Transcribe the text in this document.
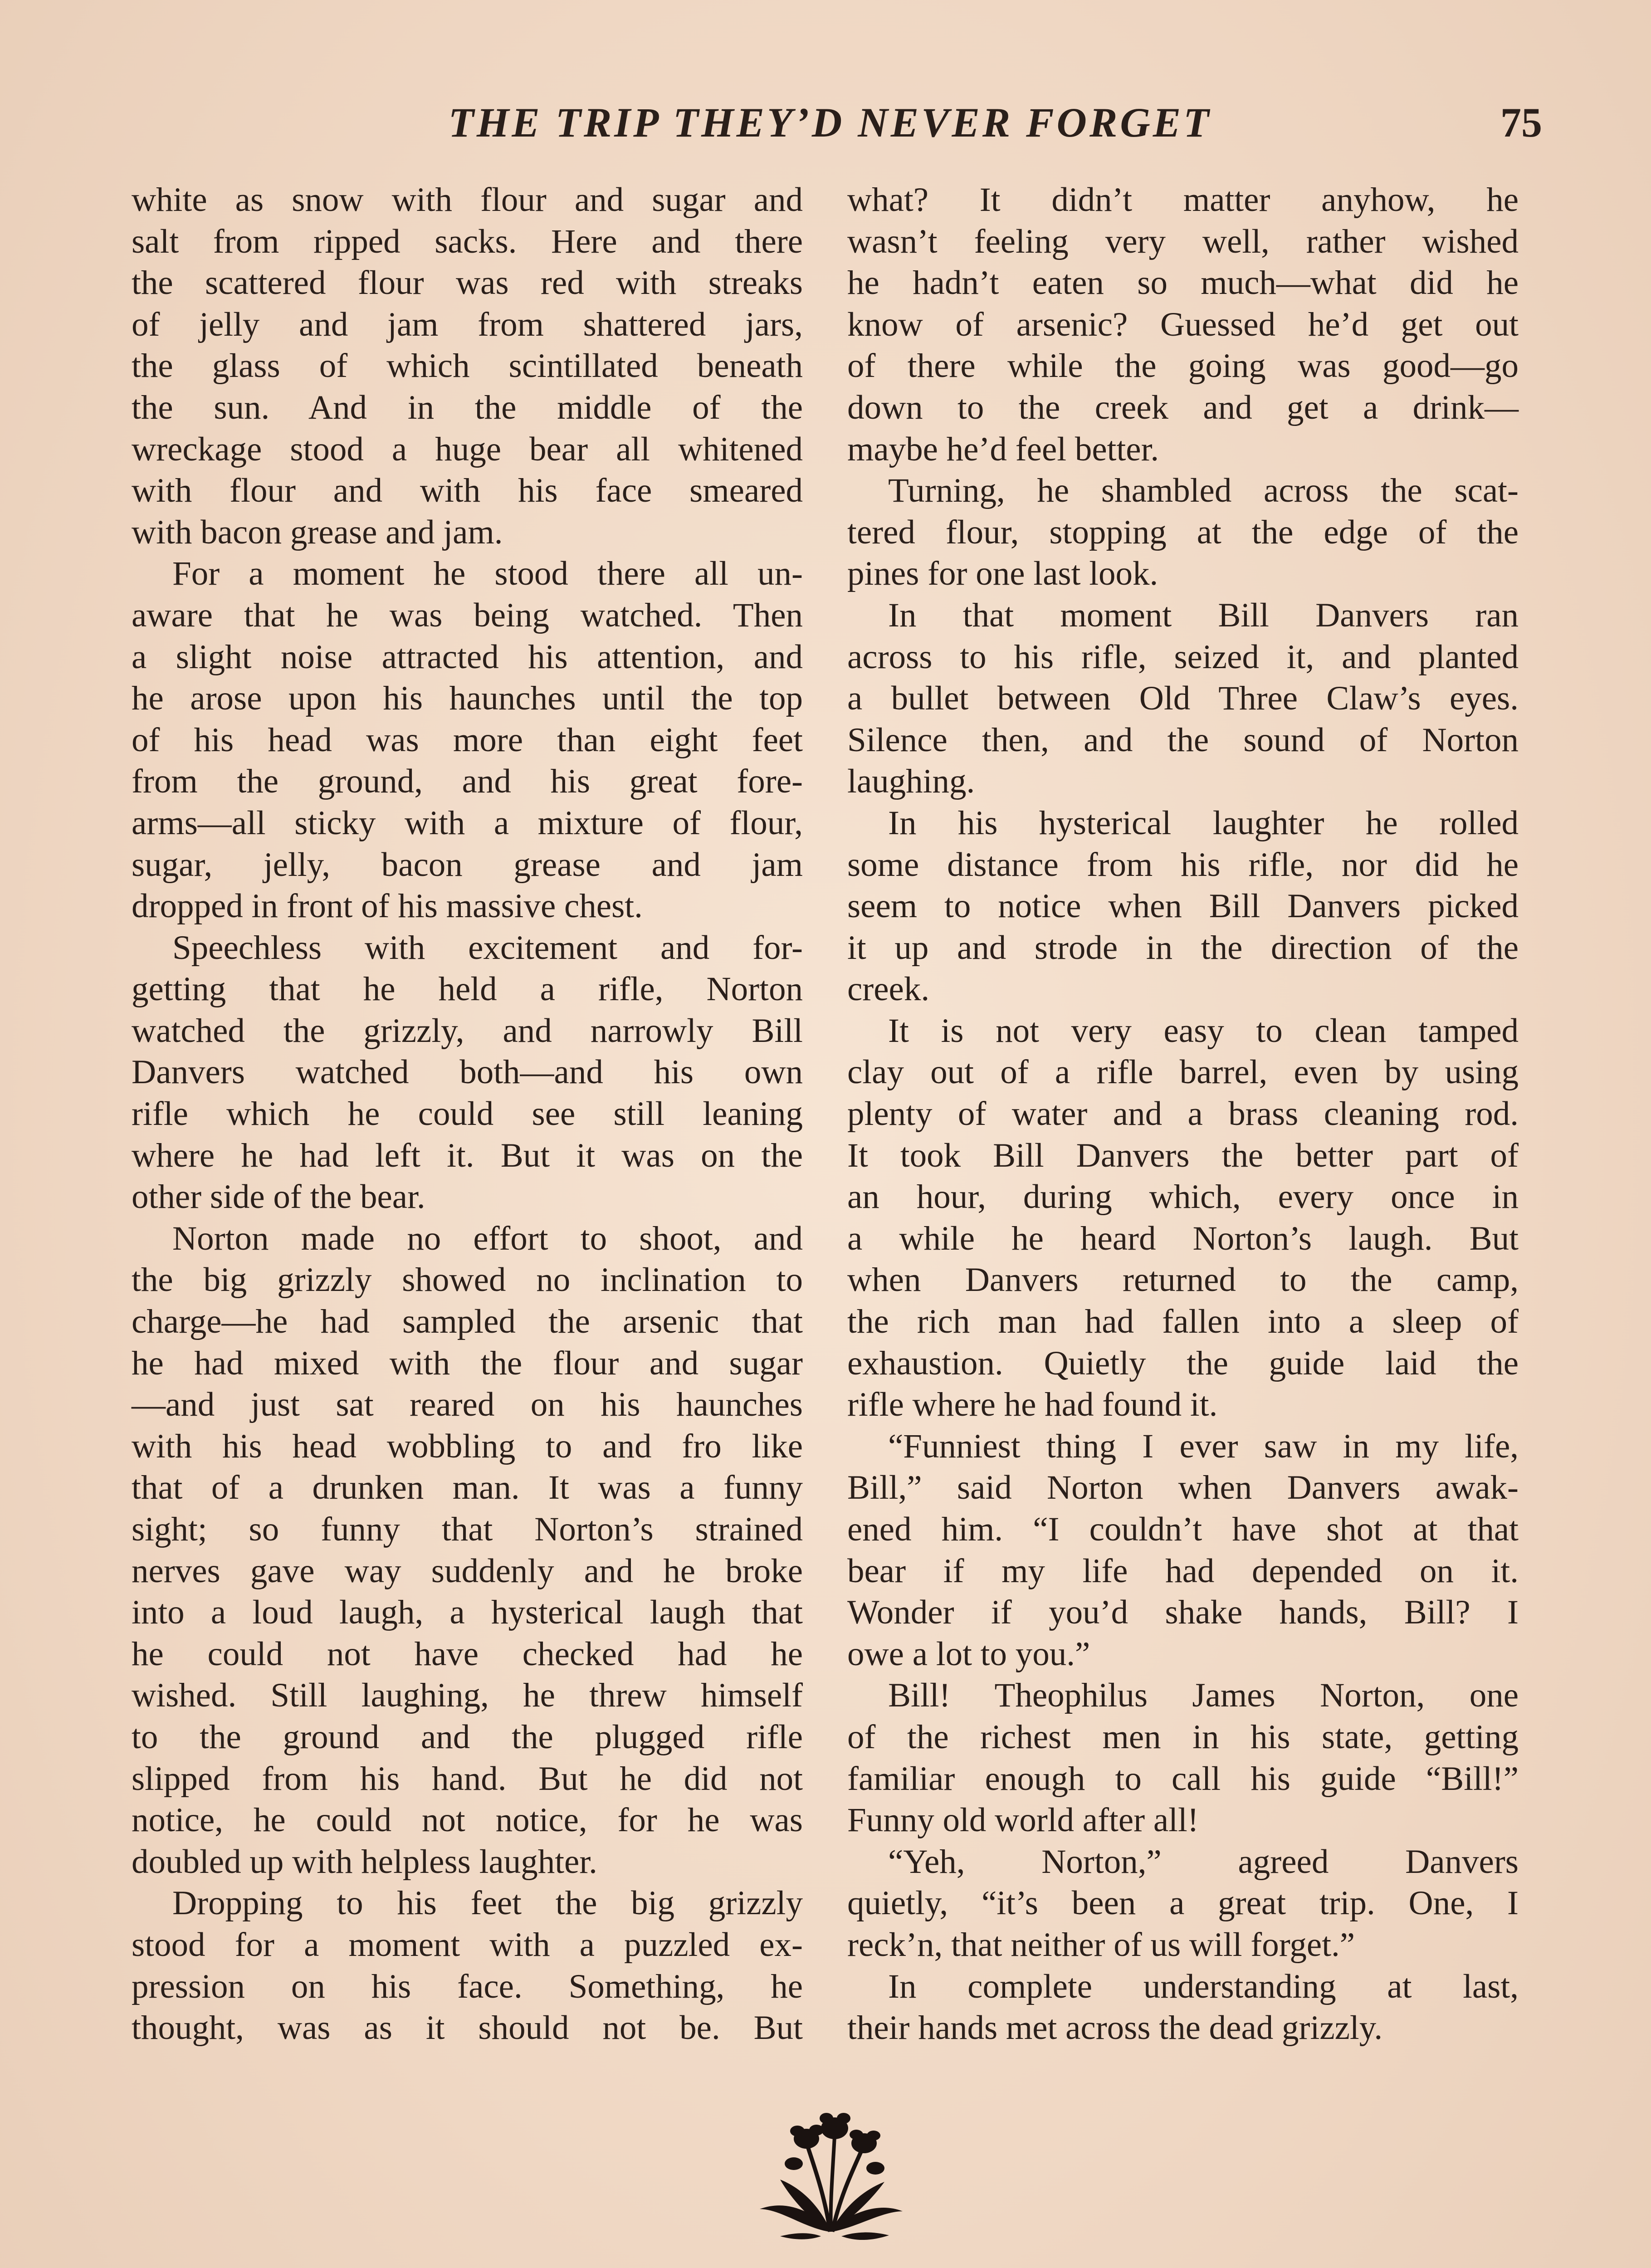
THE TRIP THEY’D NEVER FORGET	75
white as snow with flour and sugar and
salt from ripped sacks. Here and there
the scattered flour was red with streaks
of jelly and jam from shattered jars,
the glass of which scintillated beneath
the sun. And in the middle of the
wreckage stood a huge bear all whitened
with flour and with his face smeared
with bacon grease and jam.
For a moment he stood there all un-
aware that he was being watched. Then
a slight noise attracted his attention, and
he arose upon his haunches until the top
of his head was more than eight feet
from the ground, and his great fore-
arms—all sticky with a mixture of flour,
sugar, jelly, bacon grease and jam
dropped in front of his massive chest.
Speechless with excitement and for-
getting that he held a rifle, Norton
watched the grizzly, and narrowly Bill
Danvers watched both—and his own
rifle which he could see still leaning
where he had left it. But it was on the
other side of the bear.
Norton made no effort to shoot, and
the big grizzly showed no inclination to
charge—he had sampled the arsenic that
he had mixed with the flour and sugar
—and just sat reared on his haunches
with his head wobbling to and fro like
that of a drunken man. It was a funny
sight; so funny that Norton’s strained
nerves gave way suddenly and he broke
into a loud laugh, a hysterical laugh that
he could not have checked had he
wished. Still laughing, he threw himself
to the ground and the plugged rifle
slipped from his hand. But he did not
notice, he could not notice, for he was
doubled up with helpless laughter.
Dropping to his feet the big grizzly
stood for a moment with a puzzled ex-
pression on his face. Something, he
thought, was as it should not be. But
what? It didn’t matter anyhow, he
wasn’t feeling very well, rather wished
he hadn’t eaten so much—what did he
know of arsenic? Guessed he’d get out
of there while the going was good—go
down to the creek and get a drink—
maybe he’d feel better.
Turning, he shambled across the scat-
tered flour, stopping at the edge of the
pines for one last look.
In that moment Bill Danvers ran
across to his rifle, seized it, and planted
a bullet between Old Three Claw’s eyes.
Silence then, and the sound of Norton
laughing.
In his hysterical laughter he rolled
some distance from his rifle, nor did he
seem to notice when Bill Danvers picked
it up and strode in the direction of the
creek.
It is not very easy to clean tamped
clay out of a rifle barrel, even by using
plenty of water and a brass cleaning rod.
It took Bill Danvers the better part of
an hour, during which, every once in
a while he heard Norton’s laugh. But
when Danvers returned to the camp,
the rich man had fallen into a sleep of
exhaustion. Quietly the guide laid the
rifle where he had found it.
“Funniest thing I ever saw in my life,
Bill,” said Norton when Danvers awak-
ened him. “I couldn’t have shot at that
bear if my life had depended on it.
Wonder if you’d shake hands, Bill? I
owe a lot to you.”
Bill! Theophilus James Norton, one
of the richest men in his state, getting
familiar enough to call his guide “Bill!”
Funny old world after all!
“Yeh, Norton,” agreed Danvers
quietly, “it’s been a great trip. One, I
reck’n, that neither of us will forget.”
In complete understanding at last,
their hands met across the dead grizzly.
